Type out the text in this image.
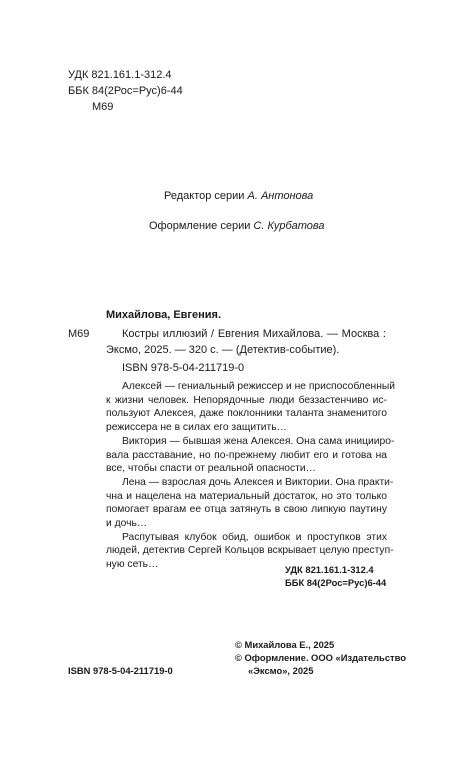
УДК 821.161.1-312.4
ББК 84(2Рос=Рус)6-44
М69
Редактор серии А. Антонова
Оформление серии С. Курбатова
Михайлова, Евгения.
М69	Костры иллюзий / Евгения Михайлова. — Москва :
Эксмо, 2025. — 320 с. — (Детектив-событие).
ISBN 978-5-04-211719-0
Алексей — гениальный режиссер и не приспособленный
к жизни человек. Непорядочные люди беззастенчиво ис-
пользуют Алексея, даже поклонники таланта знаменитого
режиссера не в силах его защитить…
Виктория — бывшая жена Алексея. Она сама иницииро-
вала расставание, но по-прежнему любит его и готова на
все, чтобы спасти от реальной опасности…
Лена — взрослая дочь Алексея и Виктории. Она практи-
чна и нацелена на материальный достаток, но это только
помогает врагам ее отца затянуть в свою липкую паутину
и дочь…
Распутывая клубок обид, ошибок и проступков этих
людей, детектив Сергей Кольцов вскрывает целую преступ-
ную сеть…	УДК 821.161.1-312.4
ББК 84(2Рос=Рус)6-44
© Михайлова Е., 2025
© Оформление. ООО «Издательство
«Эксмо», 2025
ISBN 978-5-04-211719-0
